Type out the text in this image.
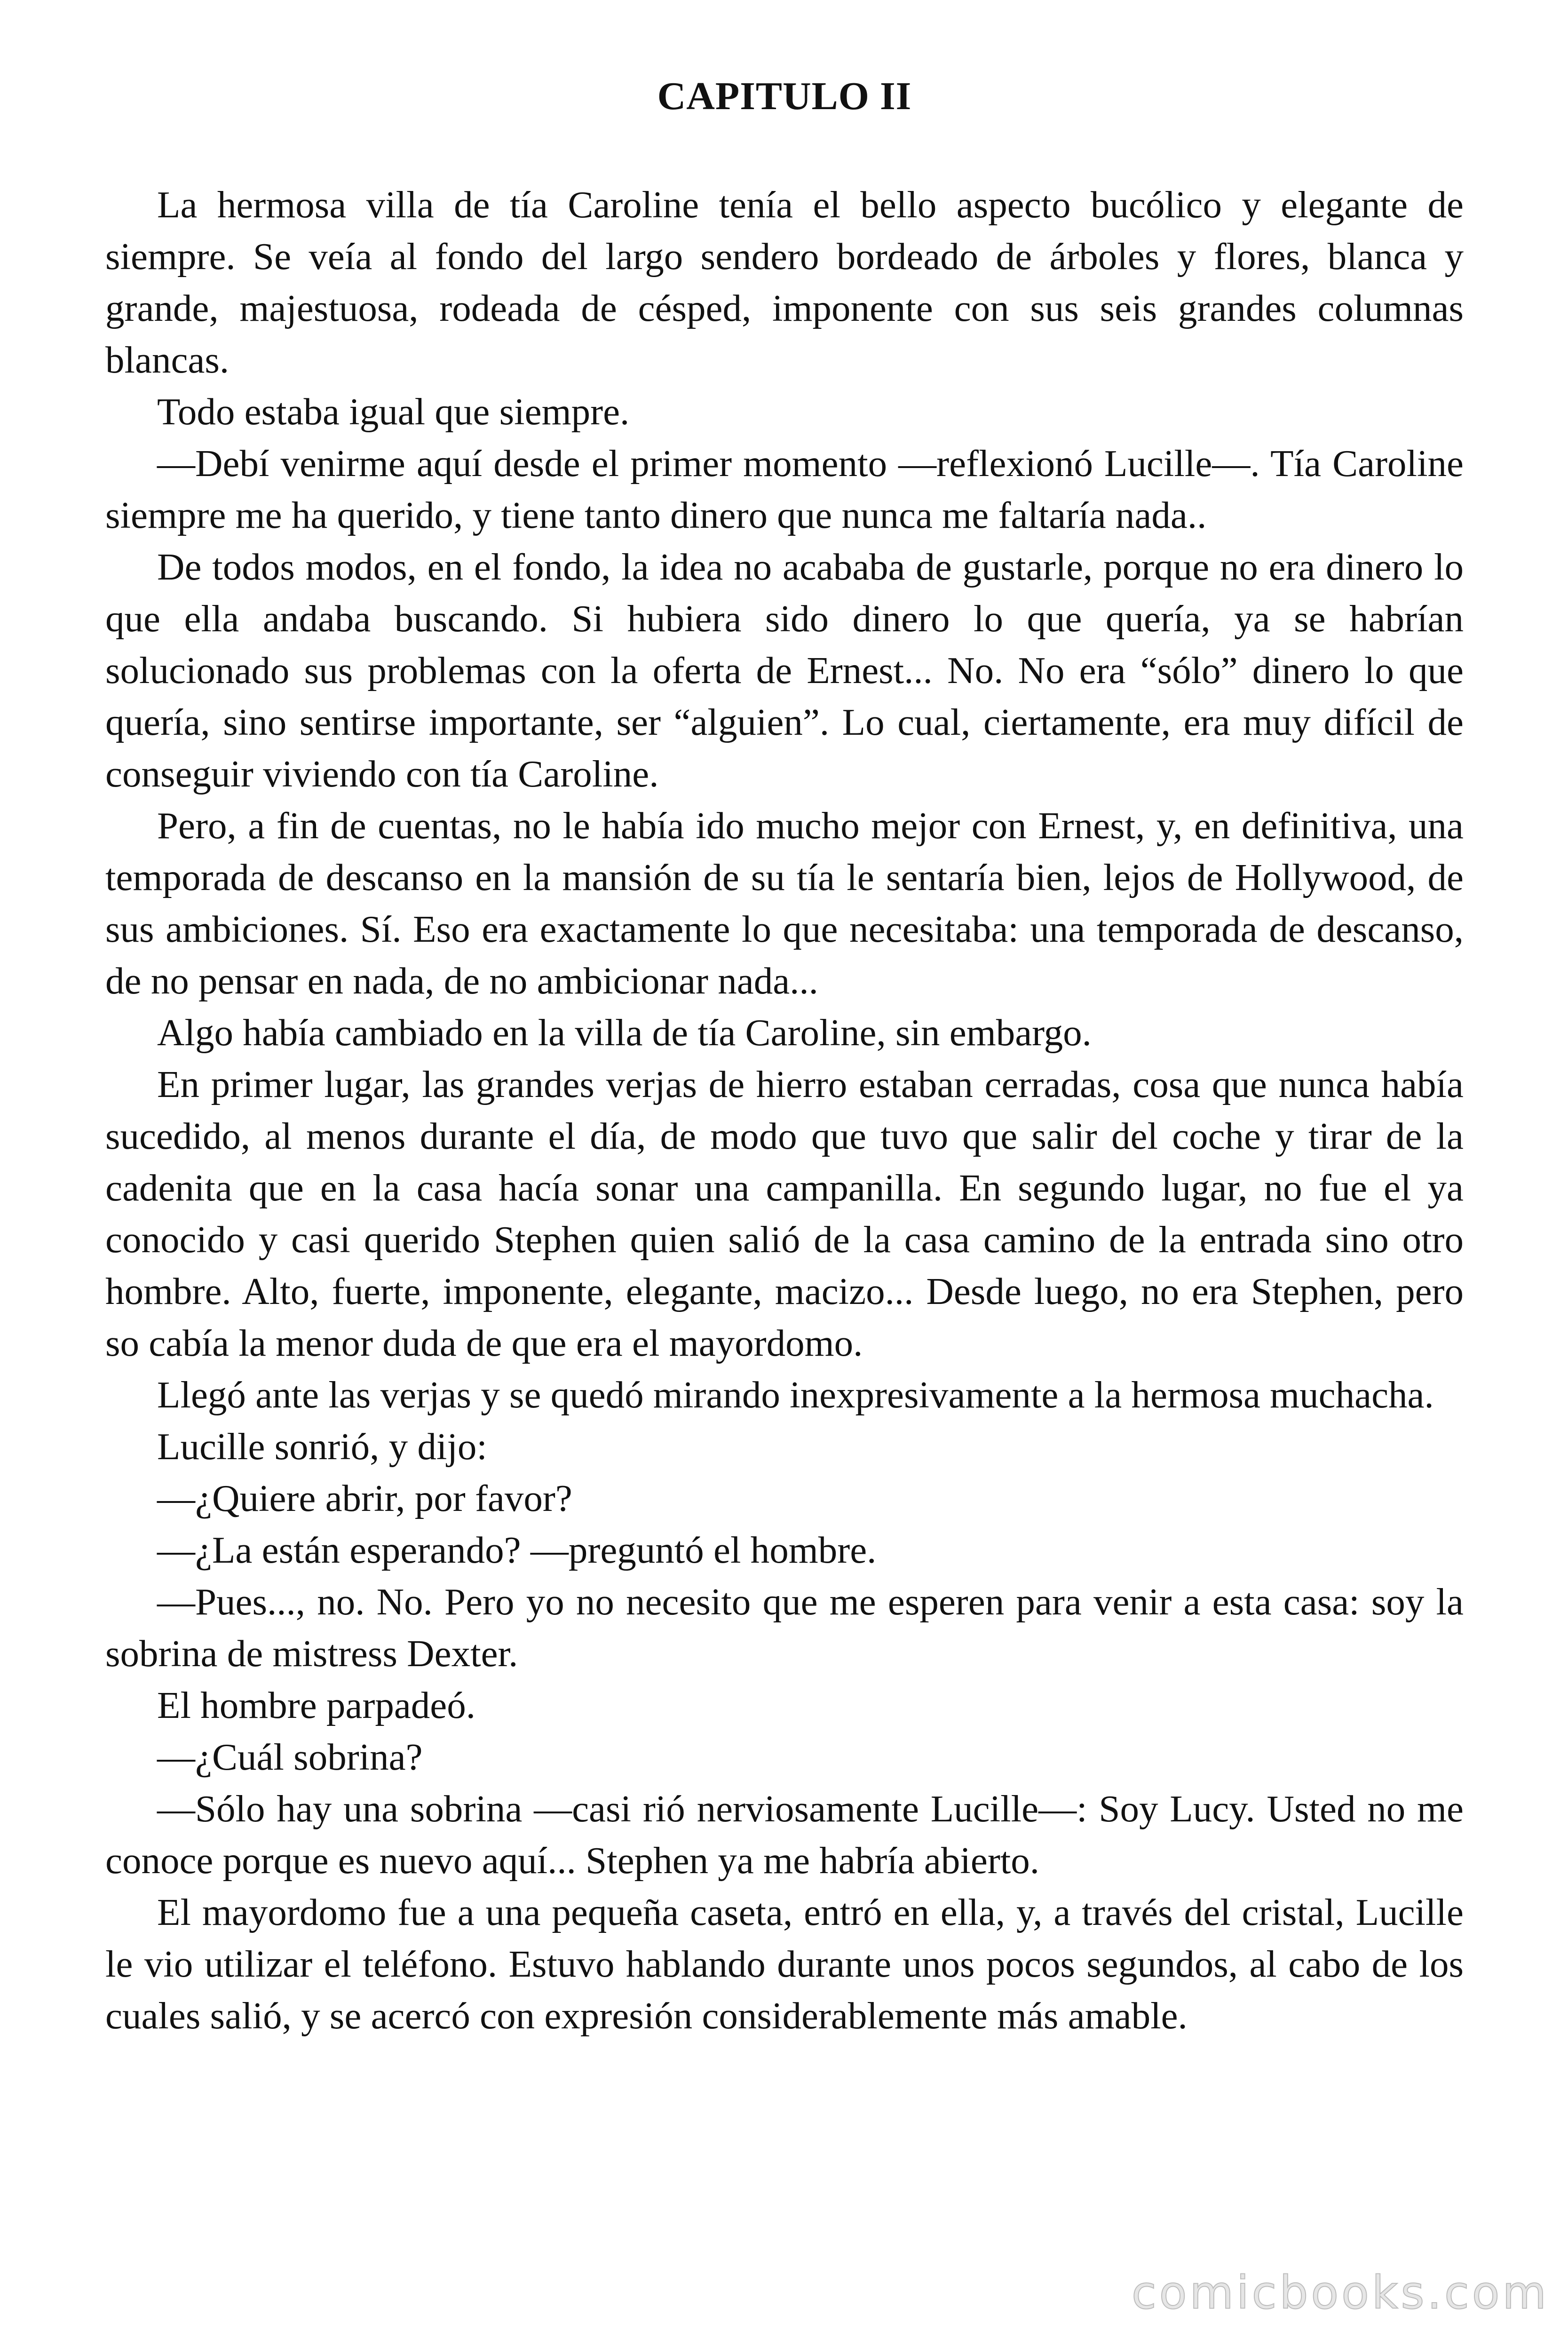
CAPITULO II

La hermosa villa de tía Caroline tenía el bello aspecto bucólico y elegante de siempre. Se veía al fondo del largo sendero bordeado de árboles y flores, blanca y grande, majestuosa, rodeada de césped, imponente con sus seis grandes columnas blancas.

Todo estaba igual que siempre.

—Debí venirme aquí desde el primer momento —reflexionó Lucille—. Tía Caroline siempre me ha querido, y tiene tanto dinero que nunca me faltaría nada..

De todos modos, en el fondo, la idea no acababa de gustarle, porque no era dinero lo que ella andaba buscando. Si hubiera sido dinero lo que quería, ya se habrían solucionado sus problemas con la oferta de Ernest... No. No era “sólo” dinero lo que quería, sino sentirse importante, ser “alguien”. Lo cual, ciertamente, era muy difícil de conseguir viviendo con tía Caroline.

Pero, a fin de cuentas, no le había ido mucho mejor con Ernest, y, en definitiva, una temporada de descanso en la mansión de su tía le sentaría bien, lejos de Hollywood, de sus ambiciones. Sí. Eso era exactamente lo que necesitaba: una temporada de descanso, de no pensar en nada, de no ambicionar nada...

Algo había cambiado en la villa de tía Caroline, sin embargo.

En primer lugar, las grandes verjas de hierro estaban cerradas, cosa que nunca había sucedido, al menos durante el día, de modo que tuvo que salir del coche y tirar de la cadenita que en la casa hacía sonar una campanilla. En segundo lugar, no fue el ya conocido y casi querido Stephen quien salió de la casa camino de la entrada sino otro hombre. Alto, fuerte, imponente, elegante, macizo... Desde luego, no era Stephen, pero so cabía la menor duda de que era el mayordomo.

Llegó ante las verjas y se quedó mirando inexpresivamente a la hermosa muchacha.

Lucille sonrió, y dijo:

—¿Quiere abrir, por favor?

—¿La están esperando? —preguntó el hombre.

—Pues..., no. No. Pero yo no necesito que me esperen para venir a esta casa: soy la sobrina de mistress Dexter.

El hombre parpadeó.

—¿Cuál sobrina?

—Sólo hay una sobrina —casi rió nerviosamente Lucille—: Soy Lucy. Usted no me conoce porque es nuevo aquí... Stephen ya me habría abierto.

El mayordomo fue a una pequeña caseta, entró en ella, y, a través del cristal, Lucille le vio utilizar el teléfono. Estuvo hablando durante unos pocos segundos, al cabo de los cuales salió, y se acercó con expresión considerablemente más amable.

comicbooks.com
